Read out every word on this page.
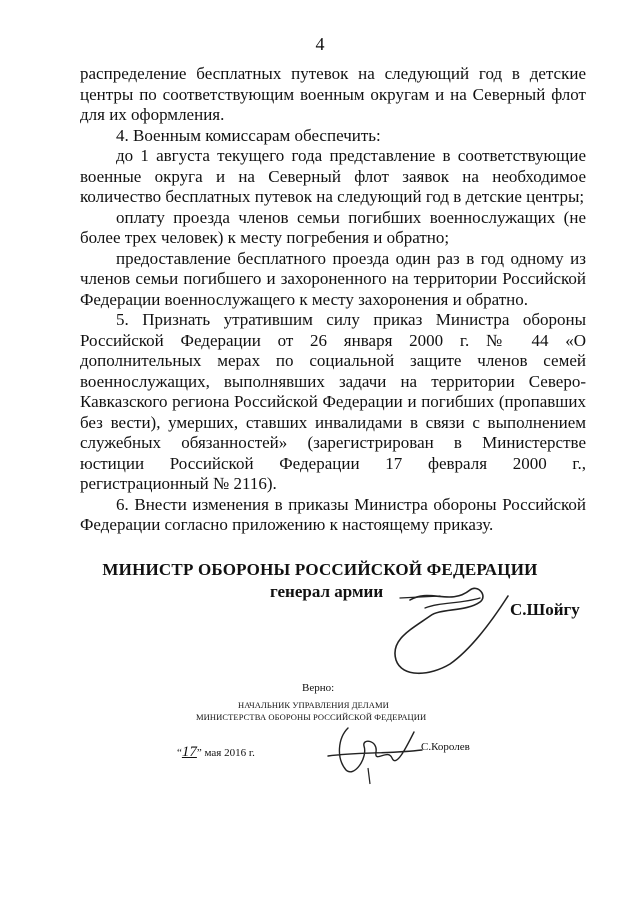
4

распределение бесплатных путевок на следующий год в детские центры по соответствующим военным округам и на Северный флот для их оформления.

4. Военным комиссарам обеспечить:

до 1 августа текущего года представление в соответствующие военные округа и на Северный флот заявок на необходимое количество бесплатных путевок на следующий год в детские центры;

оплату проезда членов семьи погибших военнослужащих (не более трех человек) к месту погребения и обратно;

предоставление бесплатного проезда один раз в год одному из членов семьи погибшего и захороненного на территории Российской Федерации военнослужащего к месту захоронения и обратно.

5. Признать утратившим силу приказ Министра обороны Российской Федерации от 26 января 2000 г. № 44 «О дополнительных мерах по социальной защите членов семей военнослужащих, выполнявших задачи на территории Северо-Кавказского региона Российской Федерации и погибших (пропавших без вести), умерших, ставших инвалидами в связи с выполнением служебных обязанностей» (зарегистрирован в Министерстве юстиции Российской Федерации 17 февраля 2000 г., регистрационный № 2116).

6. Внести изменения в приказы Министра обороны Российской Федерации согласно приложению к настоящему приказу.

МИНИСТР ОБОРОНЫ РОССИЙСКОЙ ФЕДЕРАЦИИ
генерал армии
С.Шойгу
Верно:
НАЧАЛЬНИК УПРАВЛЕНИЯ ДЕЛАМИ
МИНИСТЕРСТВА ОБОРОНЫ РОССИЙСКОЙ ФЕДЕРАЦИИ
“17” мая 2016 г.	С.Королев
